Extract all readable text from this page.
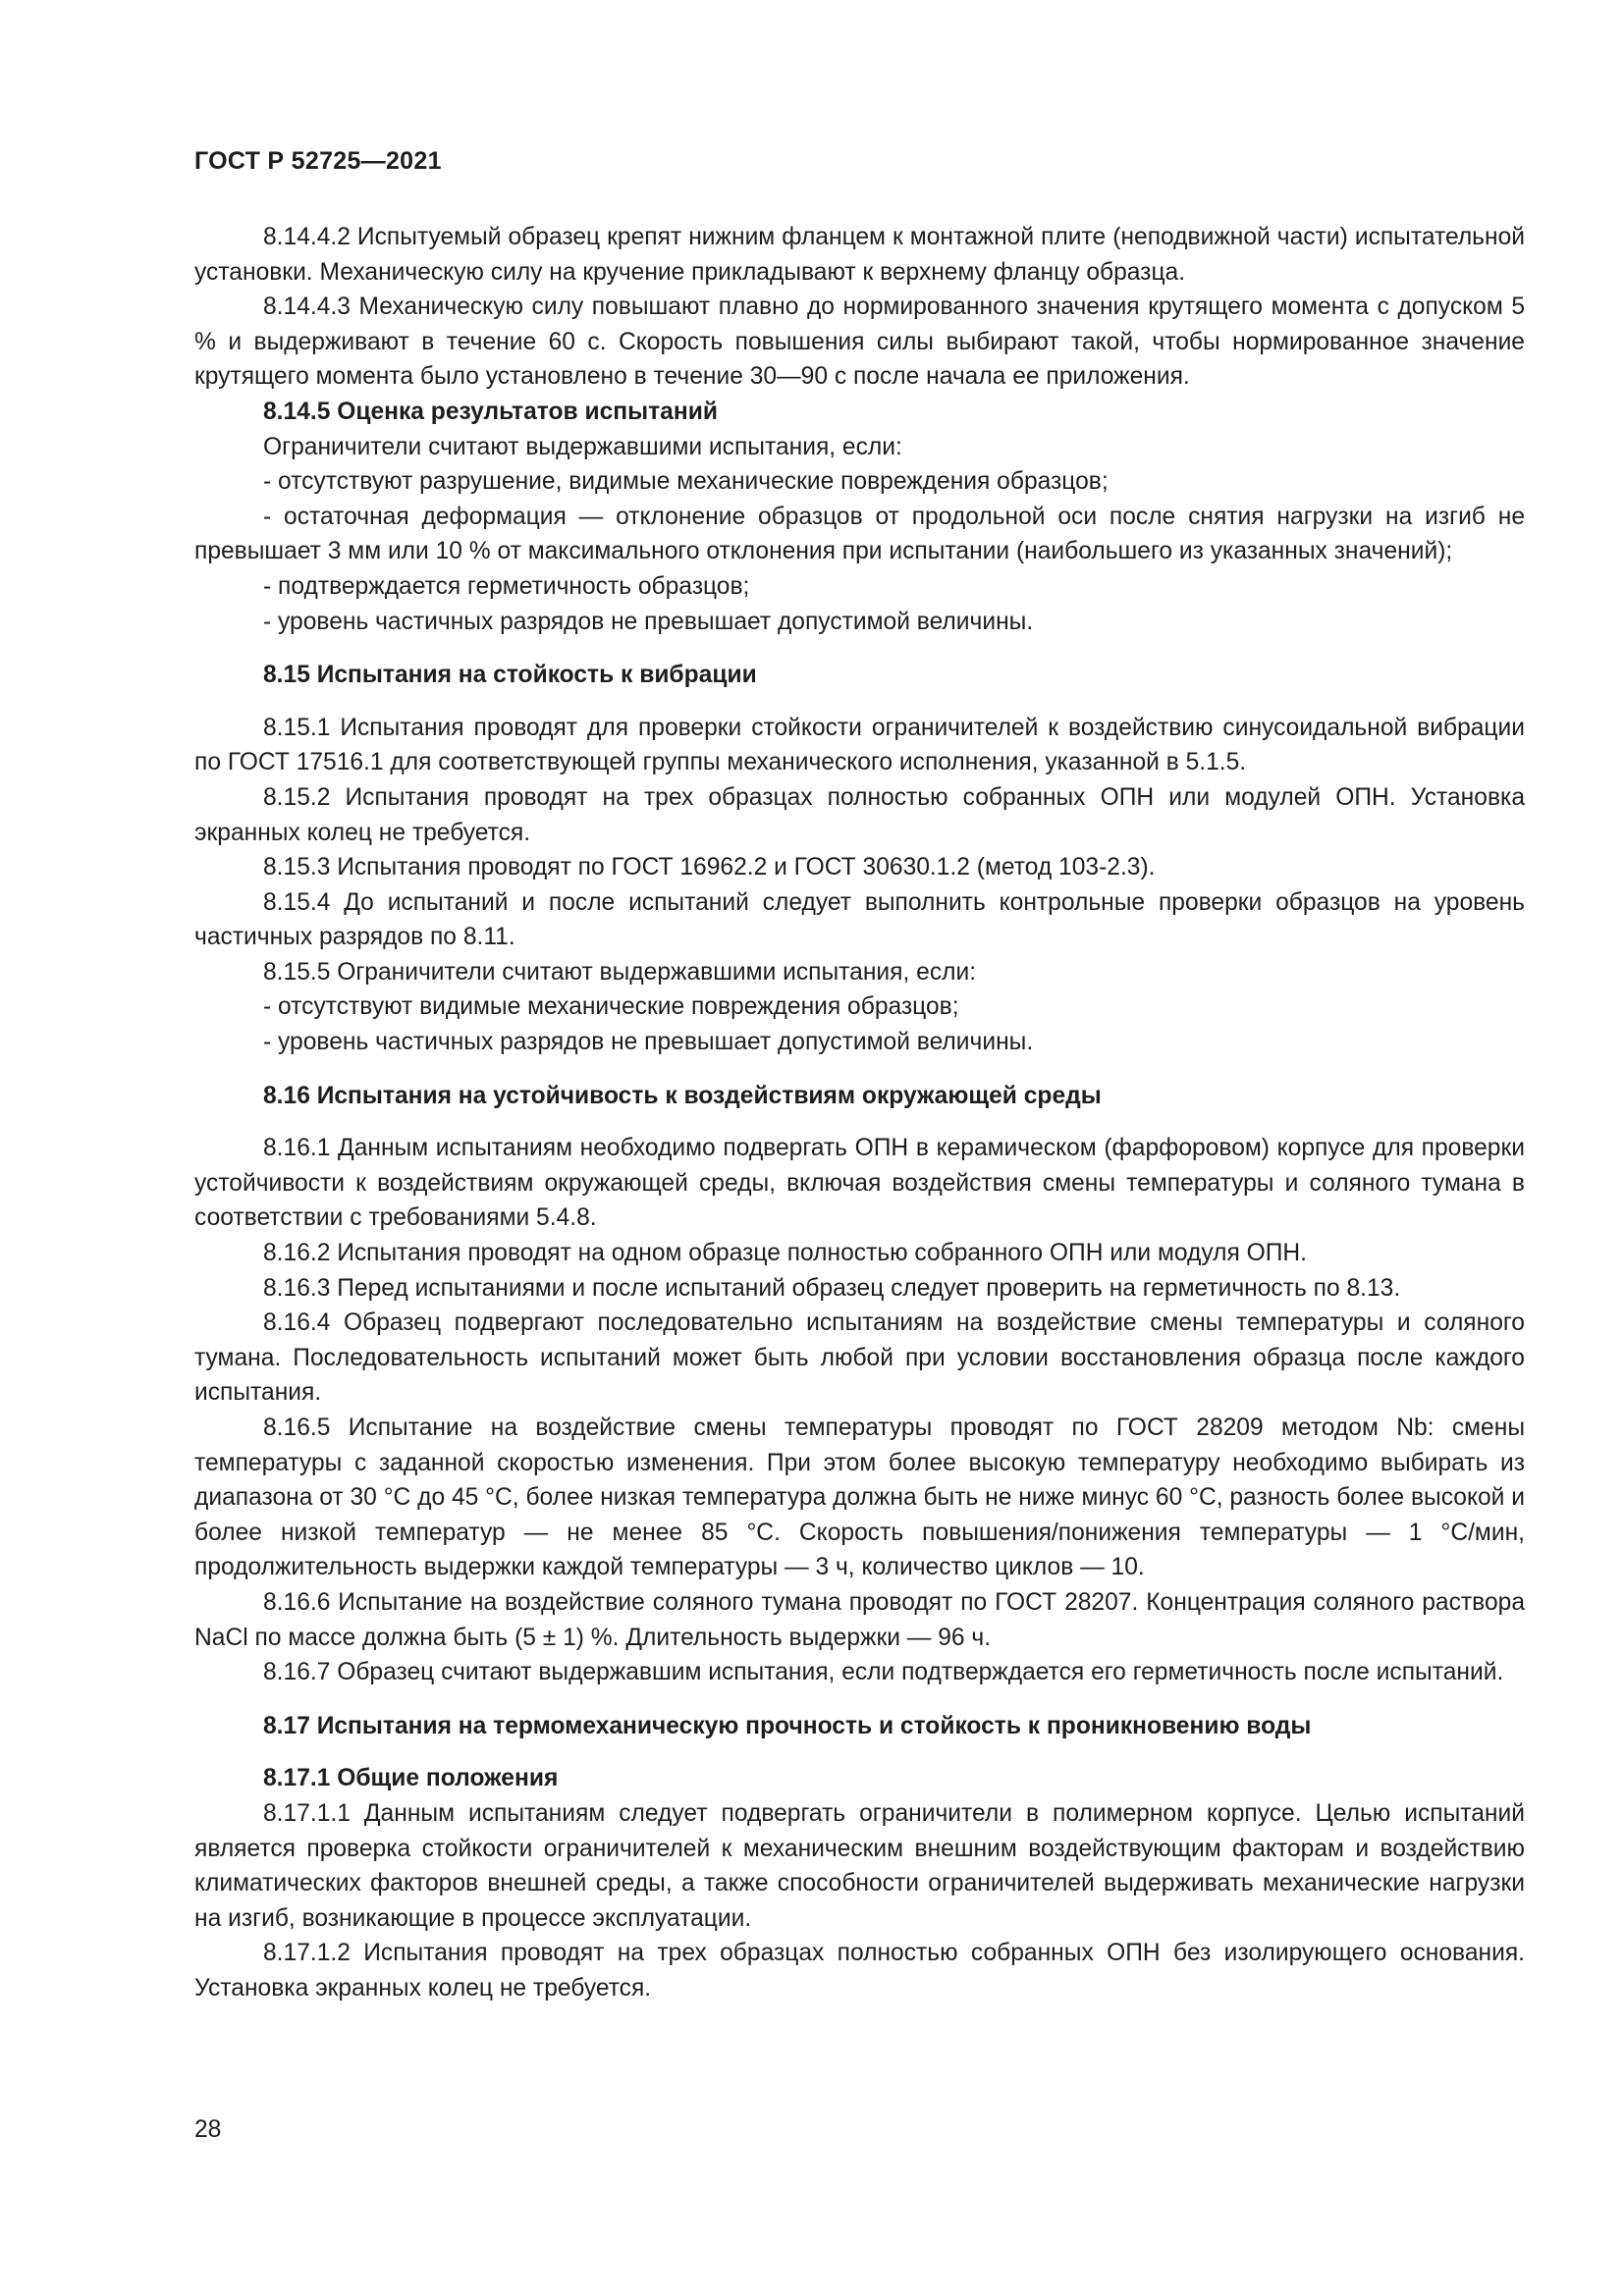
ГОСТ Р 52725—2021

8.14.4.2 Испытуемый образец крепят нижним фланцем к монтажной плите (неподвижной части) испытательной установки. Механическую силу на кручение прикладывают к верхнему фланцу образца.

8.14.4.3 Механическую силу повышают плавно до нормированного значения крутящего момента с допуском 5 % и выдерживают в течение 60 с. Скорость повышения силы выбирают такой, чтобы нормированное значение крутящего момента было установлено в течение 30—90 с после начала ее приложения.

8.14.5 Оценка результатов испытаний

Ограничители считают выдержавшими испытания, если:

- отсутствуют разрушение, видимые механические повреждения образцов;

- остаточная деформация — отклонение образцов от продольной оси после снятия нагрузки на изгиб не превышает 3 мм или 10 % от максимального отклонения при испытании (наибольшего из указанных значений);

- подтверждается герметичность образцов;

- уровень частичных разрядов не превышает допустимой величины.

8.15 Испытания на стойкость к вибрации

8.15.1 Испытания проводят для проверки стойкости ограничителей к воздействию синусоидальной вибрации по ГОСТ 17516.1 для соответствующей группы механического исполнения, указанной в 5.1.5.

8.15.2 Испытания проводят на трех образцах полностью собранных ОПН или модулей ОПН. Установка экранных колец не требуется.

8.15.3 Испытания проводят по ГОСТ 16962.2 и ГОСТ 30630.1.2 (метод 103-2.3).

8.15.4 До испытаний и после испытаний следует выполнить контрольные проверки образцов на уровень частичных разрядов по 8.11.

8.15.5 Ограничители считают выдержавшими испытания, если:

- отсутствуют видимые механические повреждения образцов;

- уровень частичных разрядов не превышает допустимой величины.

8.16 Испытания на устойчивость к воздействиям окружающей среды

8.16.1 Данным испытаниям необходимо подвергать ОПН в керамическом (фарфоровом) корпусе для проверки устойчивости к воздействиям окружающей среды, включая воздействия смены температуры и соляного тумана в соответствии с требованиями 5.4.8.

8.16.2 Испытания проводят на одном образце полностью собранного ОПН или модуля ОПН.

8.16.3 Перед испытаниями и после испытаний образец следует проверить на герметичность по 8.13.

8.16.4 Образец подвергают последовательно испытаниям на воздействие смены температуры и соляного тумана. Последовательность испытаний может быть любой при условии восстановления образца после каждого испытания.

8.16.5 Испытание на воздействие смены температуры проводят по ГОСТ 28209 методом Nb: смены температуры с заданной скоростью изменения. При этом более высокую температуру необходимо выбирать из диапазона от 30 °С до 45 °С, более низкая температура должна быть не ниже минус 60 °С, разность более высокой и более низкой температур — не менее 85 °С. Скорость повышения/понижения температуры — 1 °С/мин, продолжительность выдержки каждой температуры — 3 ч, количество циклов — 10.

8.16.6 Испытание на воздействие соляного тумана проводят по ГОСТ 28207. Концентрация соляного раствора NaCl по массе должна быть (5 ± 1) %. Длительность выдержки — 96 ч.

8.16.7 Образец считают выдержавшим испытания, если подтверждается его герметичность после испытаний.

8.17 Испытания на термомеханическую прочность и стойкость к проникновению воды

8.17.1 Общие положения

8.17.1.1 Данным испытаниям следует подвергать ограничители в полимерном корпусе. Целью испытаний является проверка стойкости ограничителей к механическим внешним воздействующим факторам и воздействию климатических факторов внешней среды, а также способности ограничителей выдерживать механические нагрузки на изгиб, возникающие в процессе эксплуатации.

8.17.1.2 Испытания проводят на трех образцах полностью собранных ОПН без изолирующего основания. Установка экранных колец не требуется.

28
